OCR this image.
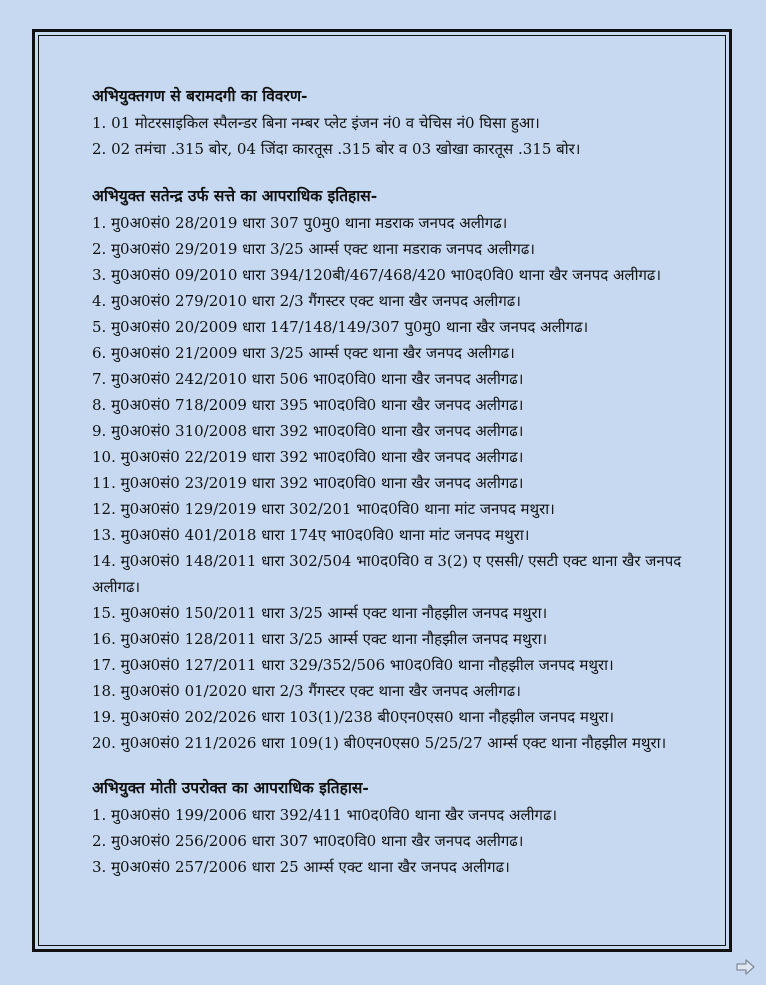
अभियुक्तगण से बरामदगी का विवरण-
1. 01 मोटरसाइकिल स्पैलन्डर बिना नम्बर प्लेट इंजन नं0 व चेचिस नं0 घिसा हुआ।
2. 02 तमंचा .315 बोर, 04 जिंदा कारतूस .315 बोर व 03 खोखा कारतूस .315 बोर।
अभियुक्त सतेन्द्र उर्फ सत्ते का आपराधिक इतिहास-
1. मु0अ0सं0 28/2019 धारा 307 पु0मु0 थाना मडराक जनपद अलीगढ।
2. मु0अ0सं0 29/2019 धारा 3/25 आर्म्स एक्ट थाना मडराक जनपद अलीगढ।
3. मु0अ0सं0 09/2010 धारा 394/120बी/467/468/420 भा0द0वि0 थाना खैर जनपद अलीगढ।
4. मु0अ0सं0 279/2010 धारा 2/3 गैंगस्टर एक्ट थाना खैर जनपद अलीगढ।
5. मु0अ0सं0 20/2009 धारा 147/148/149/307 पु0मु0 थाना खैर जनपद अलीगढ।
6. मु0अ0सं0 21/2009 धारा 3/25 आर्म्स एक्ट थाना खैर जनपद अलीगढ।
7. मु0अ0सं0 242/2010 धारा 506 भा0द0वि0 थाना खैर जनपद अलीगढ।
8. मु0अ0सं0 718/2009 धारा 395 भा0द0वि0 थाना खैर जनपद अलीगढ।
9. मु0अ0सं0 310/2008 धारा 392 भा0द0वि0 थाना खैर जनपद अलीगढ।
10. मु0अ0सं0 22/2019 धारा 392 भा0द0वि0 थाना खैर जनपद अलीगढ।
11. मु0अ0सं0 23/2019 धारा 392 भा0द0वि0 थाना खैर जनपद अलीगढ।
12. मु0अ0सं0 129/2019 धारा 302/201 भा0द0वि0 थाना मांट जनपद मथुरा।
13. मु0अ0सं0 401/2018 धारा 174ए भा0द0वि0 थाना मांट जनपद मथुरा।
14. मु0अ0सं0 148/2011 धारा 302/504 भा0द0वि0 व 3(2) ए एससी/ एसटी एक्ट थाना खैर जनपद अलीगढ।
15. मु0अ0सं0 150/2011 धारा 3/25 आर्म्स एक्ट थाना नौहझील जनपद मथुरा।
16. मु0अ0सं0 128/2011 धारा 3/25 आर्म्स एक्ट थाना नौहझील जनपद मथुरा।
17. मु0अ0सं0 127/2011 धारा 329/352/506 भा0द0वि0 थाना नौहझील जनपद मथुरा।
18. मु0अ0सं0 01/2020 धारा 2/3 गैंगस्टर एक्ट थाना खैर जनपद अलीगढ।
19. मु0अ0सं0 202/2026 धारा 103(1)/238 बी0एन0एस0 थाना नौहझील जनपद मथुरा।
20. मु0अ0सं0 211/2026 धारा 109(1) बी0एन0एस0 5/25/27 आर्म्स एक्ट थाना नौहझील मथुरा।
अभियुक्त मोती उपरोक्त का आपराधिक इतिहास-
1. मु0अ0सं0 199/2006 धारा 392/411 भा0द0वि0 थाना खैर जनपद अलीगढ।
2. मु0अ0सं0 256/2006 धारा 307 भा0द0वि0 थाना खैर जनपद अलीगढ।
3. मु0अ0सं0 257/2006 धारा 25 आर्म्स एक्ट थाना खैर जनपद अलीगढ।
